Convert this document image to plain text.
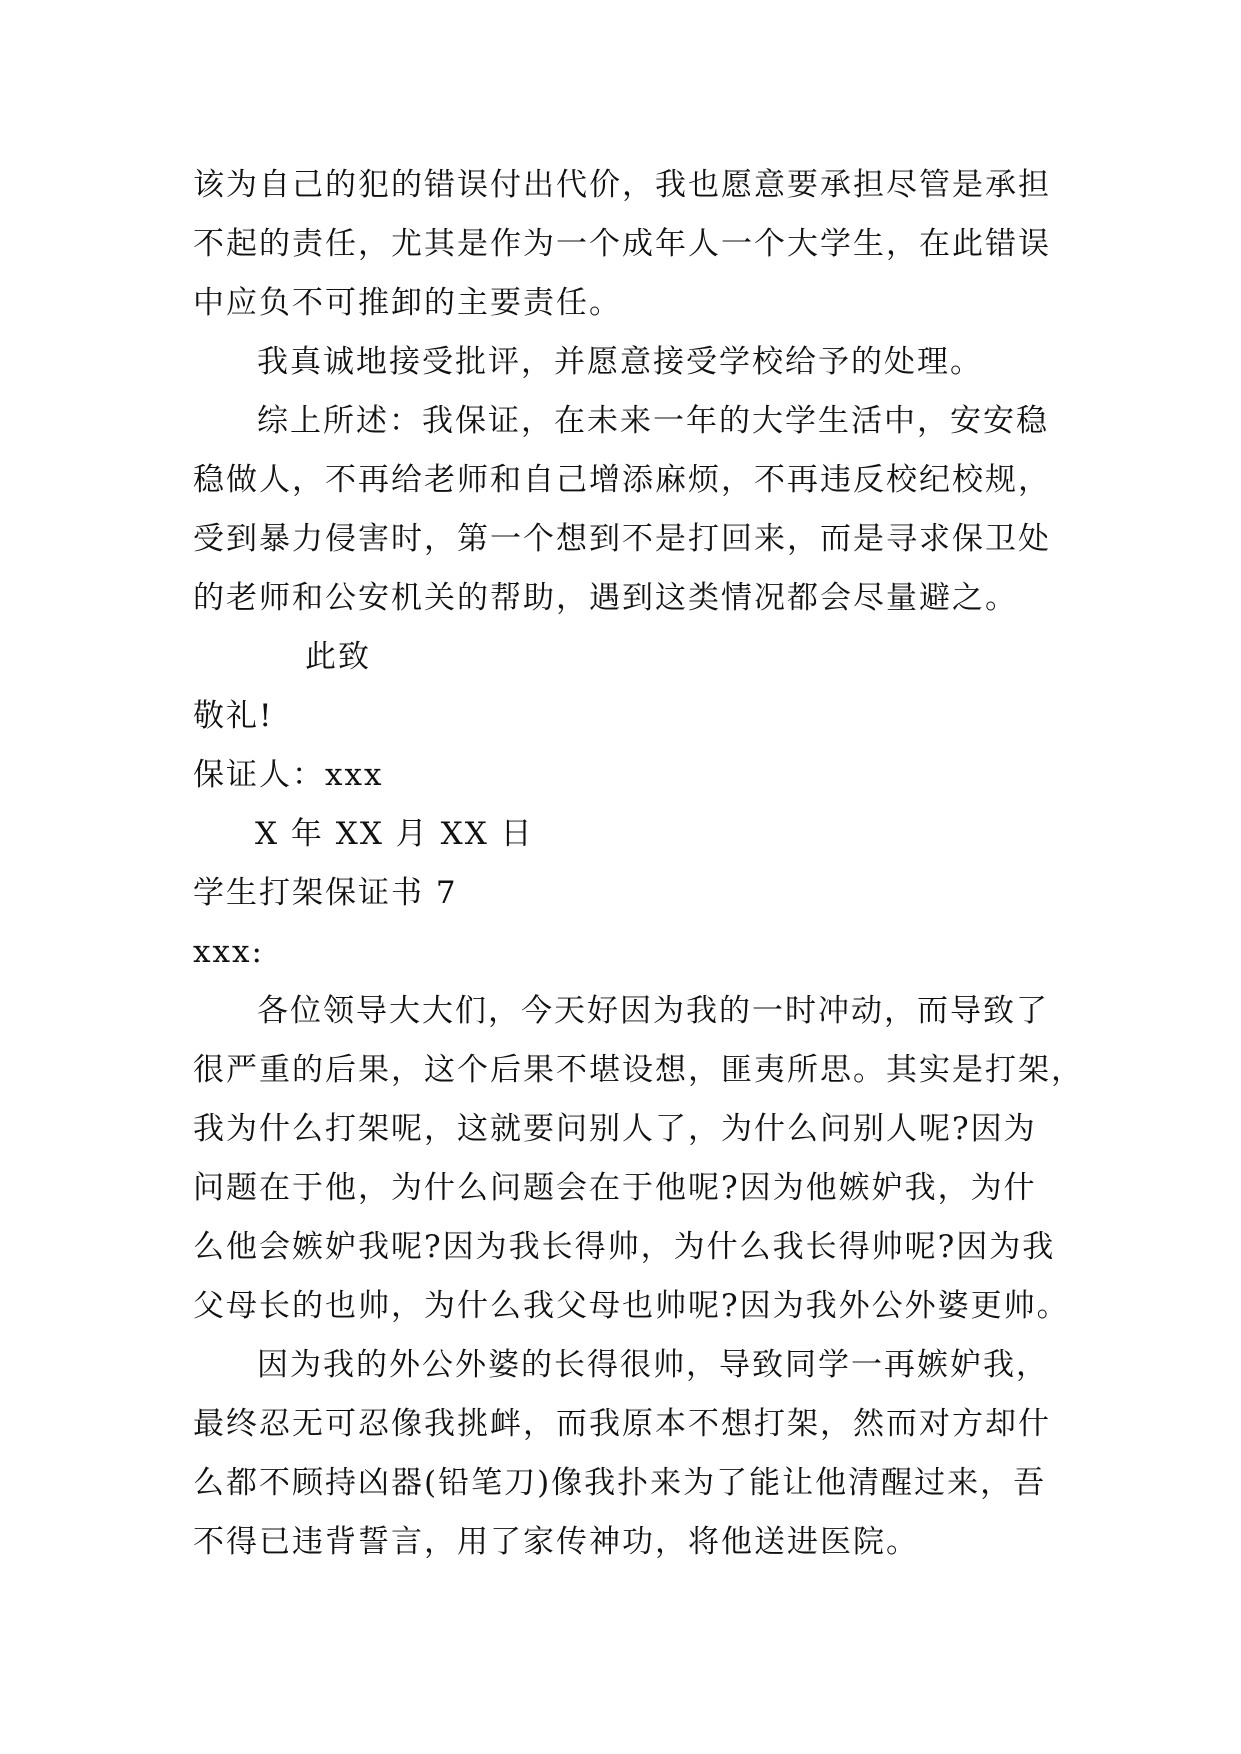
该为自己的犯的错误付出代价，我也愿意要承担尽管是承担
不起的责任，尤其是作为一个成年人一个大学生，在此错误
中应负不可推卸的主要责任。
我真诚地接受批评，并愿意接受学校给予的处理。
综上所述：我保证，在未来一年的大学生活中，安安稳
稳做人，不再给老师和自己增添麻烦，不再违反校纪校规，
受到暴力侵害时，第一个想到不是打回来，而是寻求保卫处
的老师和公安机关的帮助，遇到这类情况都会尽量避之。
此致
敬礼!
保证人：xxx
X 年 XX 月 XX 日
学生打架保证书 7
xxx:
各位领导大大们，今天好因为我的一时冲动，而导致了
很严重的后果，这个后果不堪设想，匪夷所思。其实是打架，
我为什么打架呢，这就要问别人了，为什么问别人呢?因为
问题在于他，为什么问题会在于他呢?因为他嫉妒我，为什
么他会嫉妒我呢?因为我长得帅，为什么我长得帅呢?因为我
父母长的也帅，为什么我父母也帅呢?因为我外公外婆更帅。
因为我的外公外婆的长得很帅，导致同学一再嫉妒我，
最终忍无可忍像我挑衅，而我原本不想打架，然而对方却什
么都不顾持凶器(铅笔刀)像我扑来为了能让他清醒过来，吾
不得已违背誓言，用了家传神功，将他送进医院。
